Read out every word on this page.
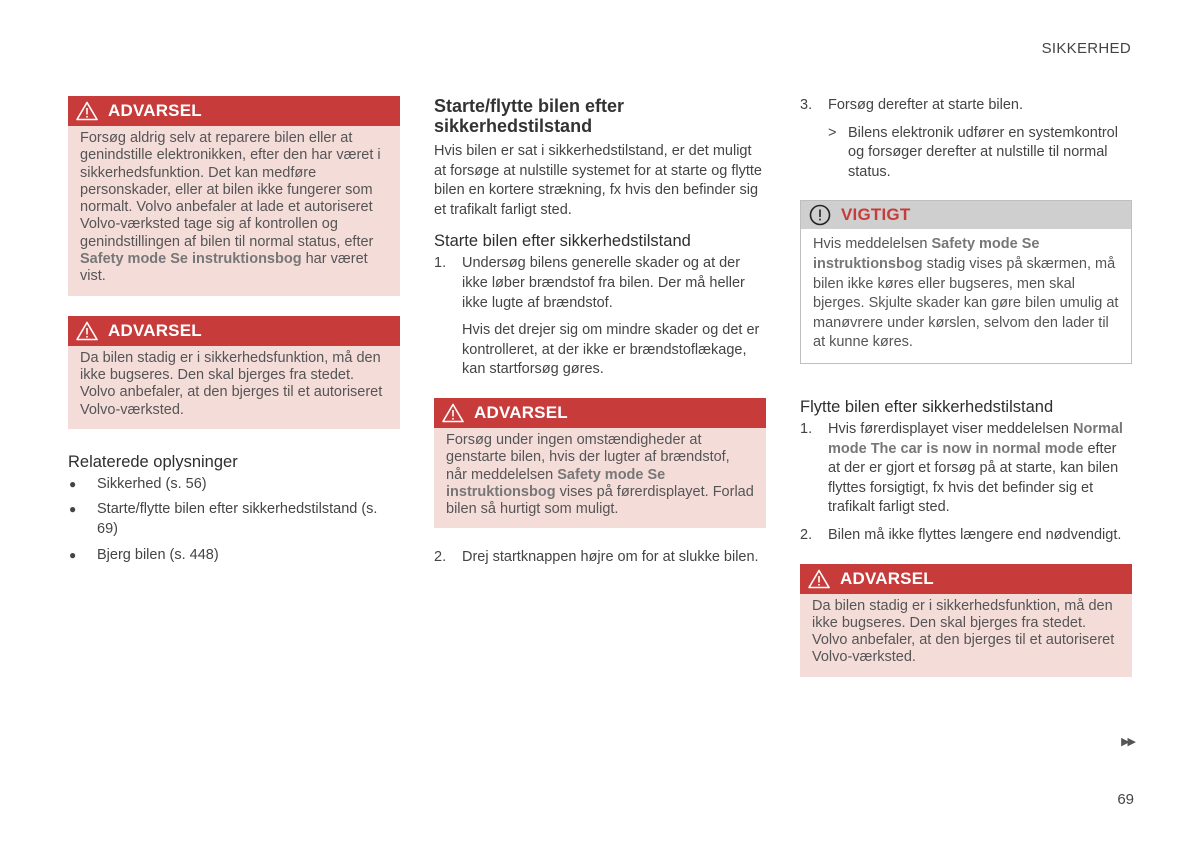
SIKKERHED
ADVARSEL
Forsøg aldrig selv at reparere bilen eller at genindstille elektronikken, efter den har været i sikkerhedsfunktion. Det kan medføre personskader, eller at bilen ikke fungerer som normalt. Volvo anbefaler at lade et autoriseret Volvo-værksted tage sig af kontrollen og genindstillingen af bilen til normal status, efter Safety mode Se instruktionsbog har været vist.
ADVARSEL
Da bilen stadig er i sikkerhedsfunktion, må den ikke bugseres. Den skal bjerges fra stedet. Volvo anbefaler, at den bjerges til et autoriseret Volvo-værksted.
Relaterede oplysninger
●	Sikkerhed (s. 56)
●	Starte/flytte bilen efter sikkerhedstilstand (s. 69)
●	Bjerg bilen (s. 448)
Starte/flytte bilen efter sikkerhedstilstand

Hvis bilen er sat i sikkerhedstilstand, er det muligt at forsøge at nulstille systemet for at starte og flytte bilen en kortere strækning, fx hvis den befinder sig et trafikalt farligt sted.

Starte bilen efter sikkerhedstilstand
1.	Undersøg bilens generelle skader og at der ikke løber brændstof fra bilen. Der må heller ikke lugte af brændstof.
Hvis det drejer sig om mindre skader og det er kontrolleret, at der ikke er brændstoflækage, kan startforsøg gøres.
ADVARSEL
Forsøg under ingen omstændigheder at genstarte bilen, hvis der lugter af brændstof, når meddelelsen Safety mode Se instruktionsbog vises på førerdisplayet. Forlad bilen så hurtigt som muligt.
2.	Drej startknappen højre om for at slukke bilen.
3.	Forsøg derefter at starte bilen.
> Bilens elektronik udfører en systemkontrol og forsøger derefter at nulstille til normal status.
VIGTIGT
Hvis meddelelsen Safety mode Se instruktionsbog stadig vises på skærmen, må bilen ikke køres eller bugseres, men skal bjerges. Skjulte skader kan gøre bilen umulig at manøvrere under kørslen, selvom den lader til at kunne køres.
Flytte bilen efter sikkerhedstilstand
1.	Hvis førerdisplayet viser meddelelsen Normal mode The car is now in normal mode efter at der er gjort et forsøg på at starte, kan bilen flyttes forsigtigt, fx hvis det befinder sig et trafikalt farligt sted.
2.	Bilen må ikke flyttes længere end nødvendigt.
ADVARSEL
Da bilen stadig er i sikkerhedsfunktion, må den ikke bugseres. Den skal bjerges fra stedet. Volvo anbefaler, at den bjerges til et autoriseret Volvo-værksted.
▶▶
69
